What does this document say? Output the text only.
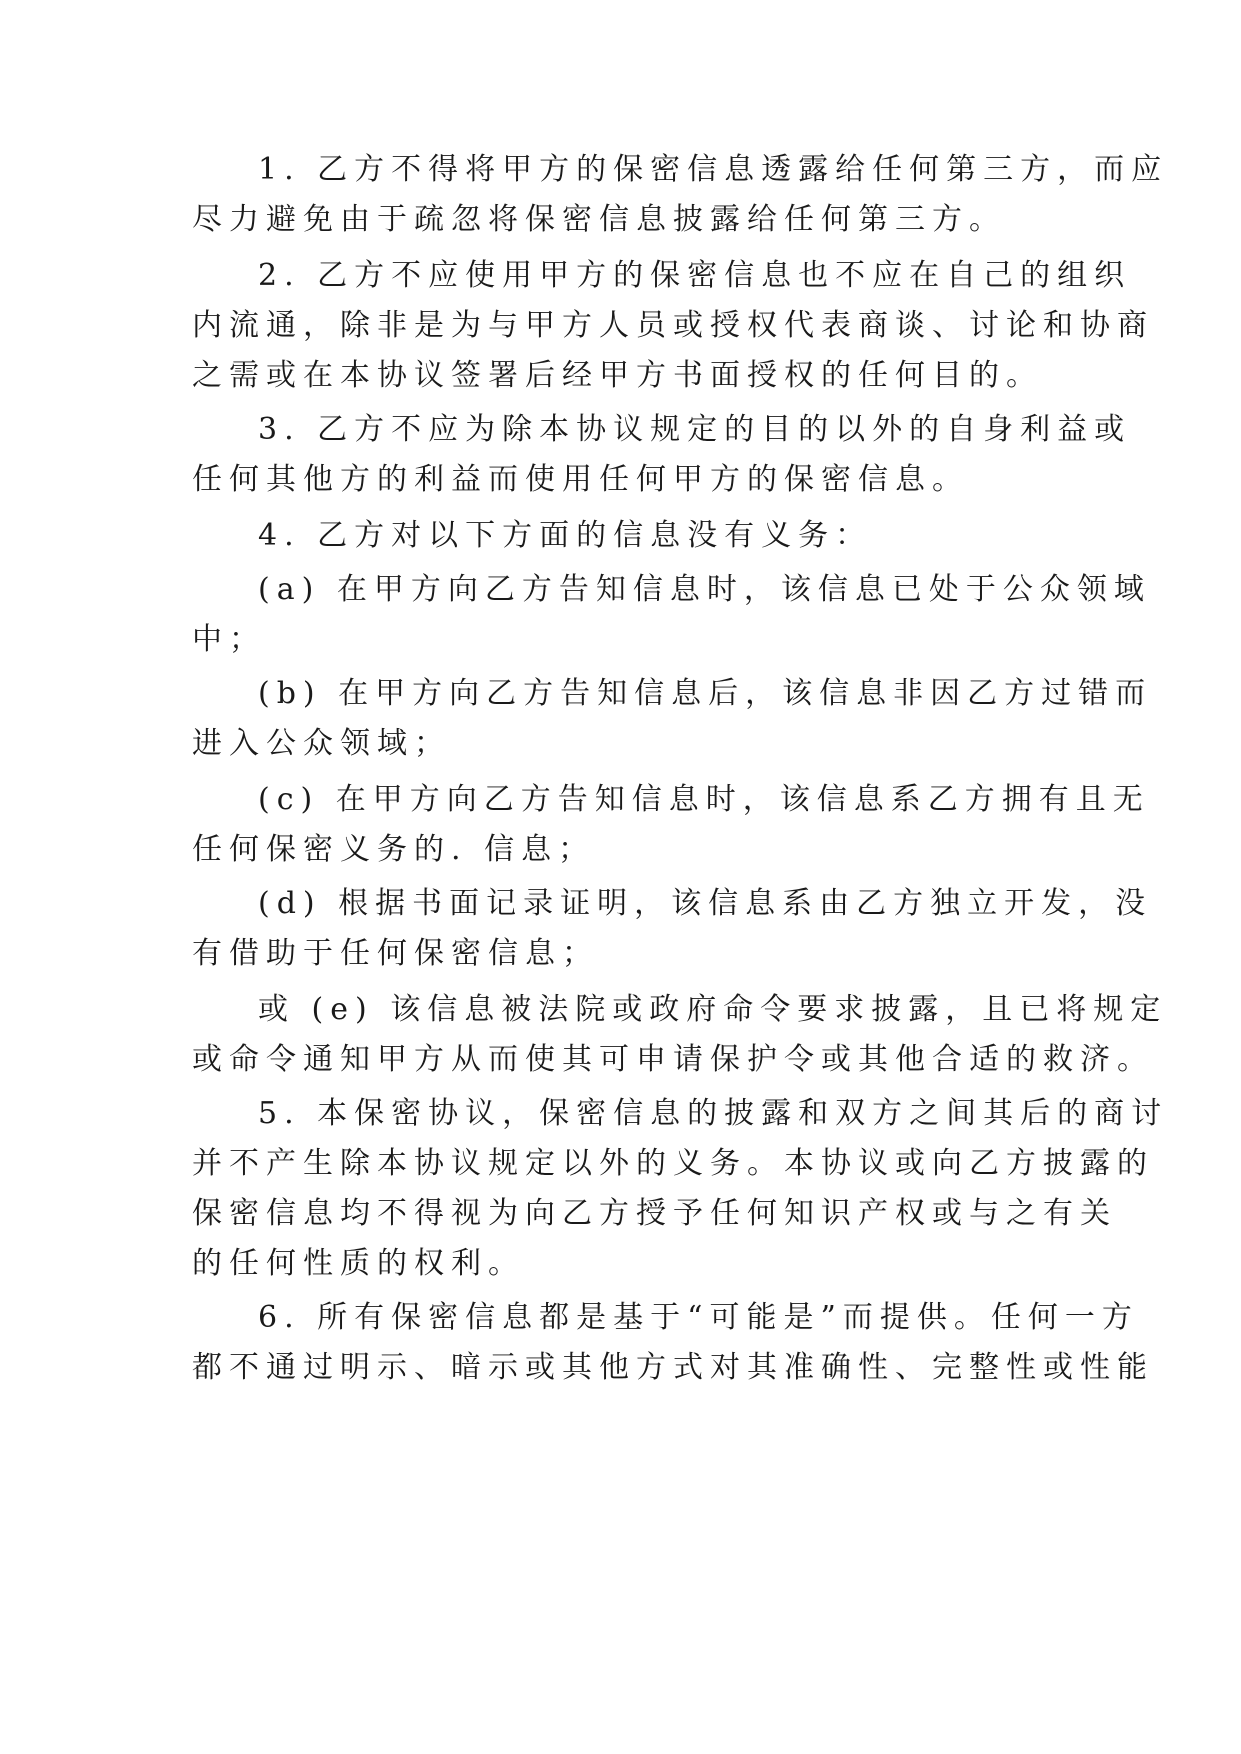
1. 乙方不得将甲方的保密信息透露给任何第三方，而应
尽力避免由于疏忽将保密信息披露给任何第三方。
2. 乙方不应使用甲方的保密信息也不应在自己的组织
内流通，除非是为与甲方人员或授权代表商谈、讨论和协商
之需或在本协议签署后经甲方书面授权的任何目的。
3. 乙方不应为除本协议规定的目的以外的自身利益或
任何其他方的利益而使用任何甲方的保密信息。
4. 乙方对以下方面的信息没有义务：
(a) 在甲方向乙方告知信息时，该信息已处于公众领域
中；
(b) 在甲方向乙方告知信息后，该信息非因乙方过错而
进入公众领域；
(c) 在甲方向乙方告知信息时，该信息系乙方拥有且无
任何保密义务的. 信息；
(d) 根据书面记录证明，该信息系由乙方独立开发，没
有借助于任何保密信息；
或 (e) 该信息被法院或政府命令要求披露，且已将规定
或命令通知甲方从而使其可申请保护令或其他合适的救济。
5. 本保密协议，保密信息的披露和双方之间其后的商讨
并不产生除本协议规定以外的义务。本协议或向乙方披露的
保密信息均不得视为向乙方授予任何知识产权或与之有关
的任何性质的权利。
6. 所有保密信息都是基于“可能是”而提供。任何一方
都不通过明示、暗示或其他方式对其准确性、完整性或性能
